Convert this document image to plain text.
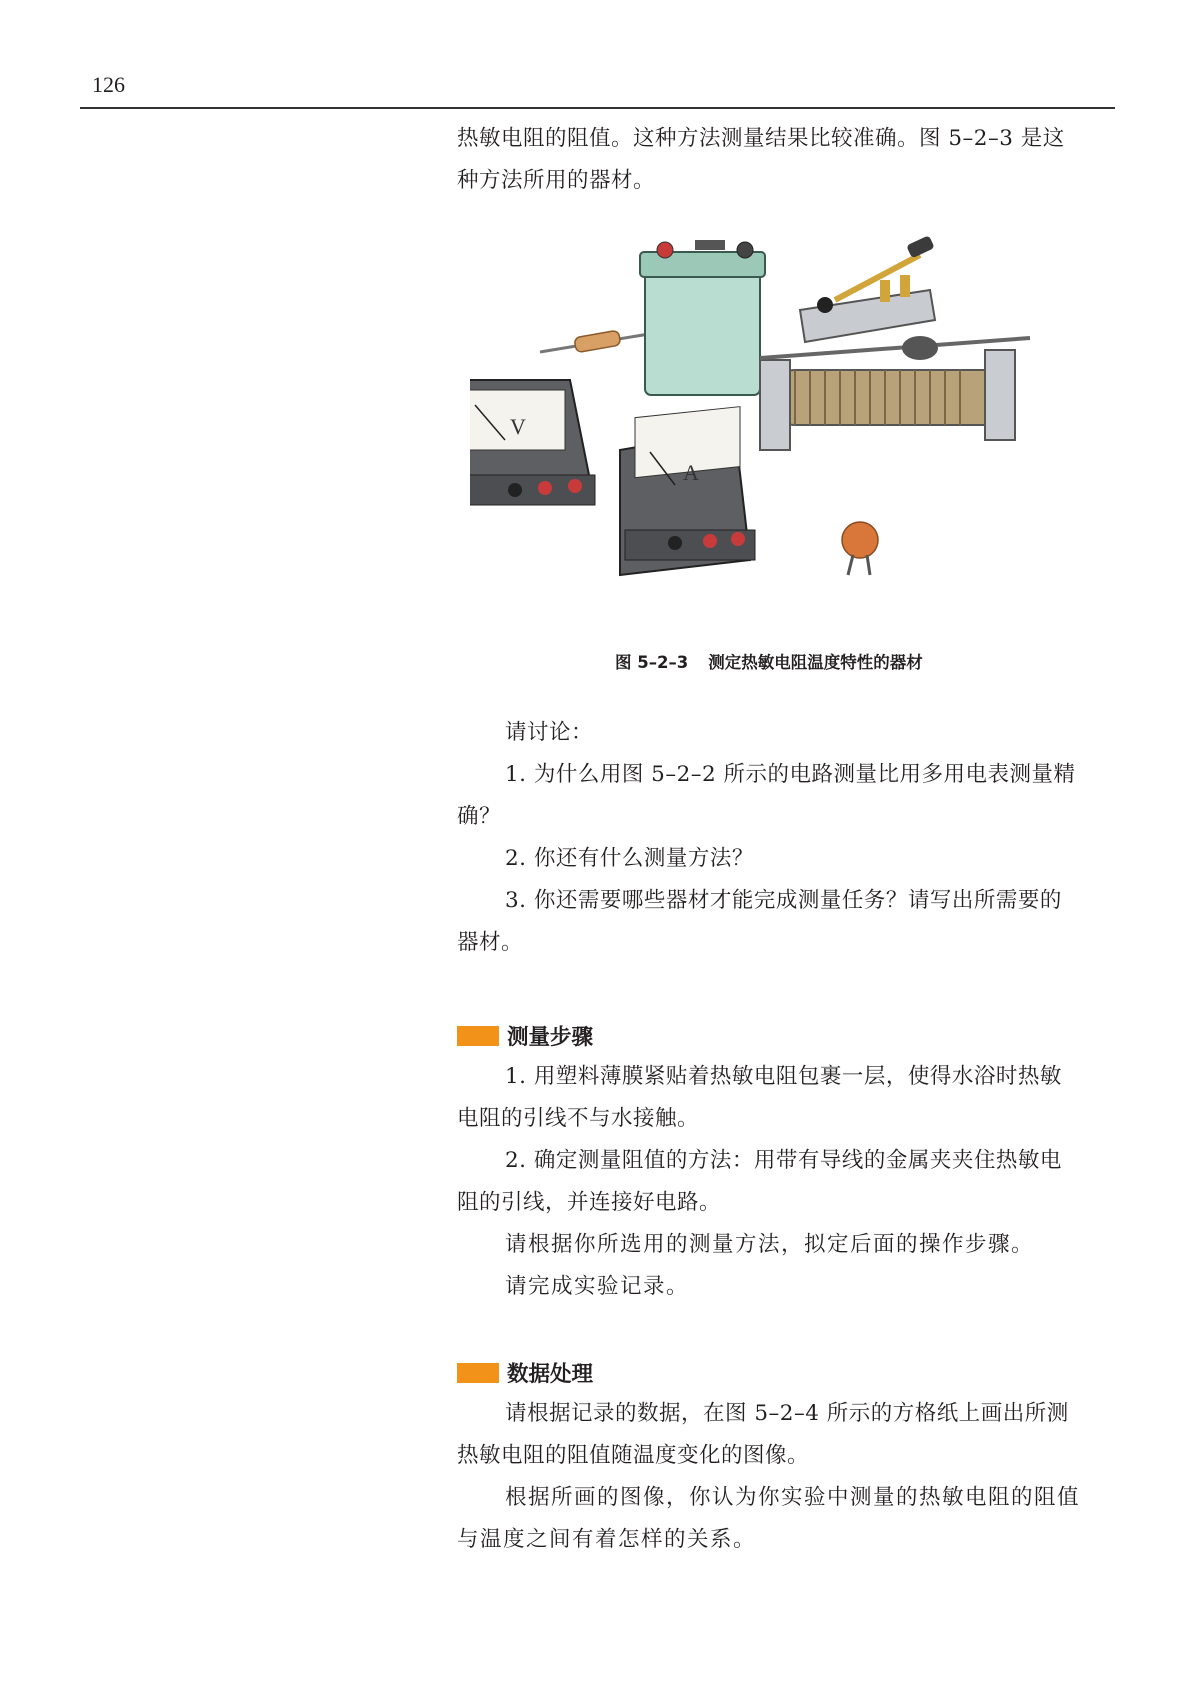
126

热敏电阻的阻值。这种方法测量结果比较准确。图 5–2–3 是这

种方法所用的器材。

V
A
图 5–2–3 测定热敏电阻温度特性的器材

请讨论：

1. 为什么用图 5–2–2 所示的电路测量比用多用电表测量精

确？

2. 你还有什么测量方法？

3. 你还需要哪些器材才能完成测量任务？请写出所需要的

器材。

测量步骤

1. 用塑料薄膜紧贴着热敏电阻包裹一层，使得水浴时热敏

电阻的引线不与水接触。

2. 确定测量阻值的方法：用带有导线的金属夹夹住热敏电

阻的引线，并连接好电路。

请根据你所选用的测量方法，拟定后面的操作步骤。

请完成实验记录。

数据处理

请根据记录的数据，在图 5–2–4 所示的方格纸上画出所测

热敏电阻的阻值随温度变化的图像。

根据所画的图像，你认为你实验中测量的热敏电阻的阻值

与温度之间有着怎样的关系。
